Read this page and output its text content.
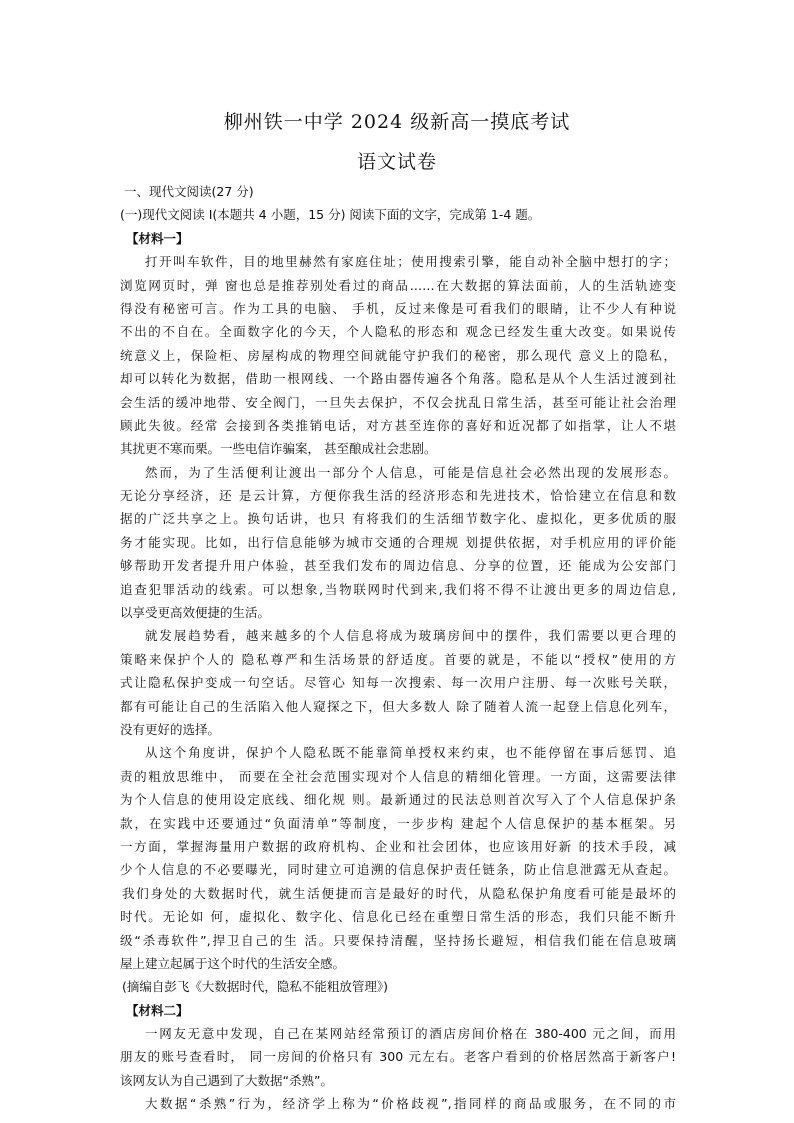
柳州铁一中学 2024 级新高一摸底考试
语文试卷
一、现代文阅读(27 分)
(一)现代文阅读 I(本题共 4 小题，15 分) 阅读下面的文字，完成第 1-4 题。
【材料一】
打开叫车软件，目的地里赫然有家庭住址；使用搜索引擎，能自动补全脑中想打的字；
浏览网页时，弹 窗也总是推荐别处看过的商品……在大数据的算法面前，人的生活轨迹变
得没有秘密可言。作为工具的电脑、 手机，反过来像是可看我们的眼睛，让不少人有种说
不出的不自在。全面数字化的今天，个人隐私的形态和 观念已经发生重大改变。如果说传
统意义上，保险柜、房屋构成的物理空间就能守护我们的秘密，那么现代 意义上的隐私，
却可以转化为数据，借助一根网线、一个路由器传遍各个角落。隐私是从个人生活过渡到社
会生活的缓冲地带、安全阀门，一旦失去保护，不仅会扰乱日常生活，甚至可能让社会治理
顾此失彼。经常 会接到各类推销电话，对方甚至连你的喜好和近况都了如指掌，让人不堪
其扰更不寒而栗。一些电信诈骗案， 甚至酿成社会悲剧。
然而，为了生活便利让渡出一部分个人信息，可能是信息社会必然出现的发展形态。
无论分享经济，还 是云计算，方便你我生活的经济形态和先进技术，恰恰建立在信息和数
据的广泛共享之上。换句话讲，也只 有将我们的生活细节数字化、虚拟化，更多优质的服
务才能实现。比如，出行信息能够为城市交通的合理规 划提供依据，对手机应用的评价能
够帮助开发者提升用户体验，甚至我们发布的周边信息、分享的位置，还 能成为公安部门
追查犯罪活动的线索。可以想象,当物联网时代到来,我们将不得不让渡出更多的周边信息,
以享受更高效便捷的生活。
就发展趋势看，越来越多的个人信息将成为玻璃房间中的摆件，我们需要以更合理的
策略来保护个人的 隐私尊严和生活场景的舒适度。首要的就是，不能以“授权”使用的方
式让隐私保护变成一句空话。尽管心 知每一次搜索、每一次用户注册、每一次账号关联，
都有可能让自己的生活陷入他人窥探之下，但大多数人 除了随着人流一起登上信息化列车，
没有更好的选择。
从这个角度讲，保护个人隐私既不能靠简单授权来约束，也不能停留在事后惩罚、追
责的粗放思维中， 而要在全社会范围实现对个人信息的精细化管理。一方面，这需要法律
为个人信息的使用设定底线、细化规 则。最新通过的民法总则首次写入了个人信息保护条
款，在实践中还要通过“负面清单”等制度，一步步构 建起个人信息保护的基本框架。另
一方面，掌握海量用户数据的政府机构、企业和社会团体，也应该用好新 的技术手段，减
少个人信息的不必要曝光，同时建立可追溯的信息保护责任链条，防止信息泄露无从查起。
我们身处的大数据时代，就生活便捷而言是最好的时代，从隐私保护角度看可能是最坏的
时代。无论如 何，虚拟化、数字化、信息化已经在重塑日常生活的形态，我们只能不断升
级“杀毒软件”,捍卫自己的生 活。只要保持清醒，坚持扬长避短，相信我们能在信息玻璃
屋上建立起属于这个时代的生活安全感。
(摘编自彭飞《大数据时代，隐私不能粗放管理》)
【材料二】
一网友无意中发现，自己在某网站经常预订的酒店房间价格在 380-400 元之间，而用
朋友的账号查看时， 同一房间的价格只有 300 元左右。老客户看到的价格居然高于新客户!
该网友认为自己遇到了大数据“杀熟”。
大数据“杀熟”行为，经济学上称为“价格歧视”,指同样的商品或服务，在不同的市
